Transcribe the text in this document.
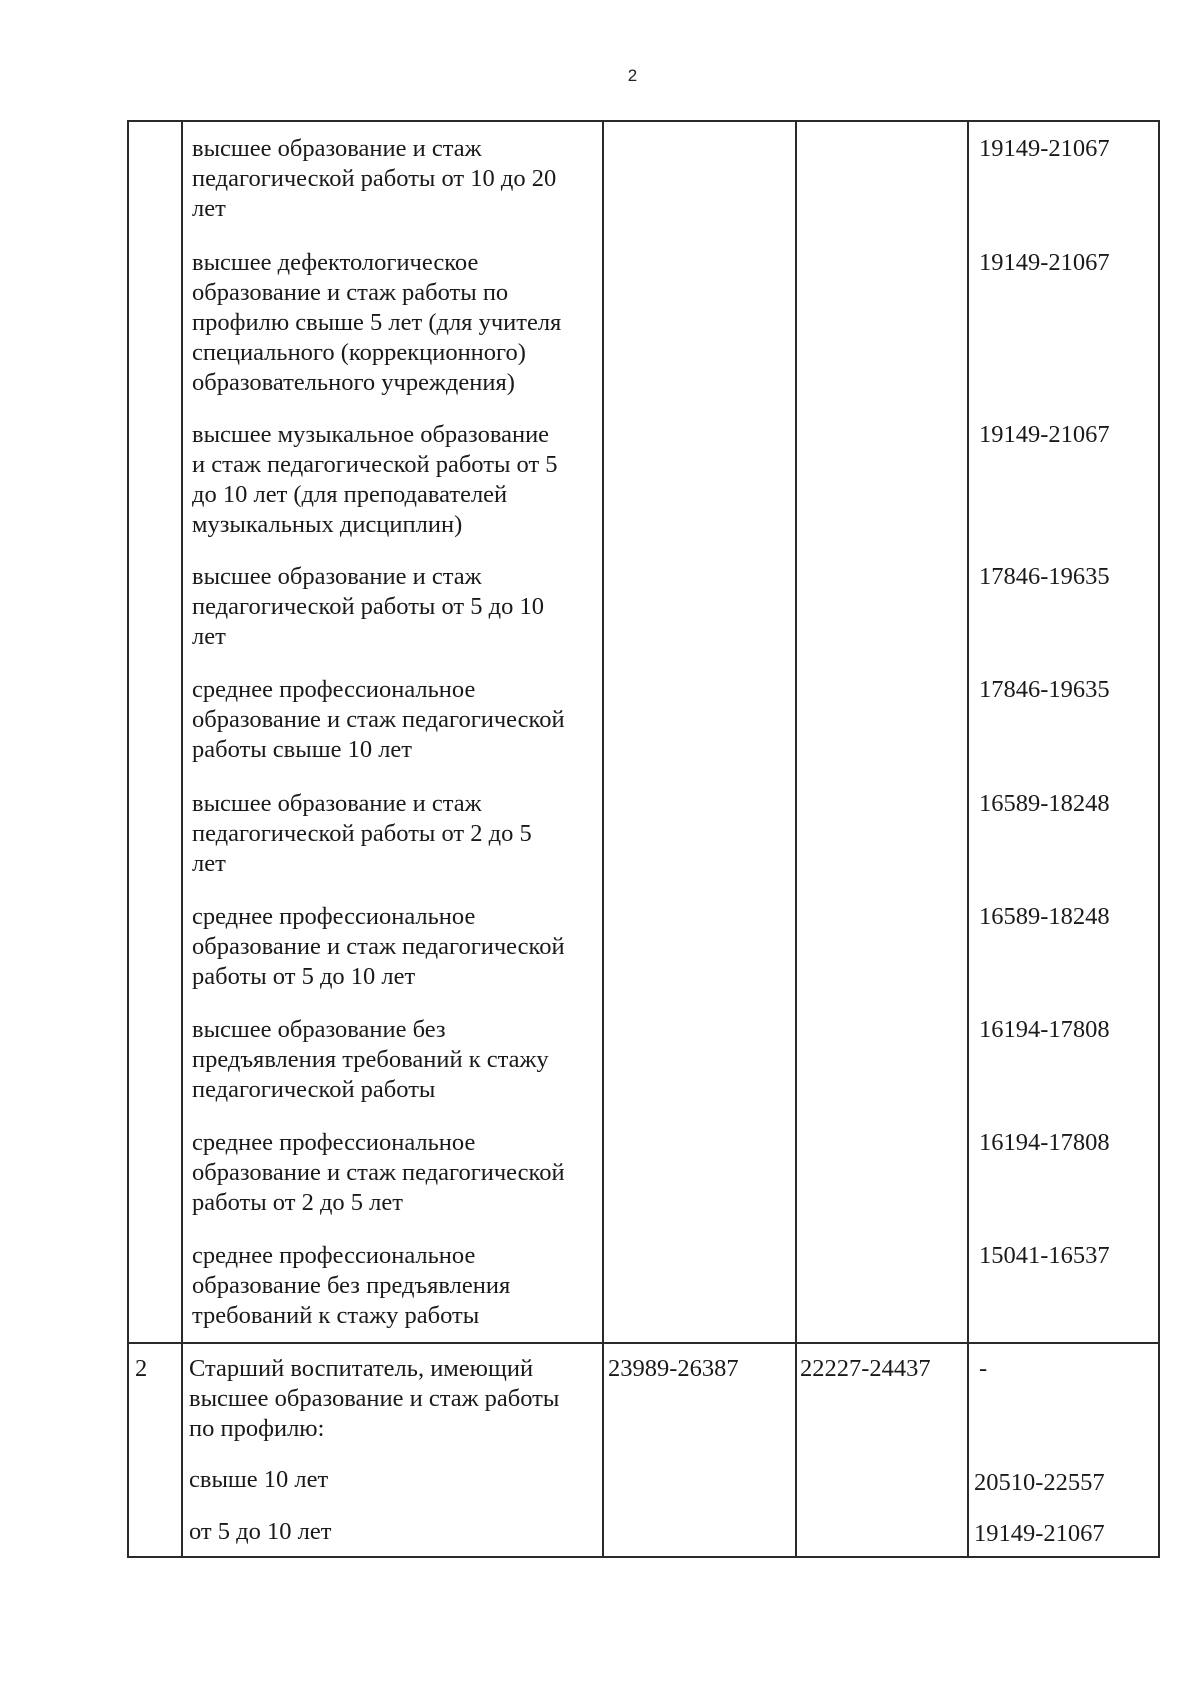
2
высшее образование и стаж
педагогической работы от 10 до 20
лет
19149-21067
высшее дефектологическое
образование и стаж работы по
профилю свыше 5 лет (для учителя
специального (коррекционного)
образовательного учреждения)
19149-21067
высшее музыкальное образование
и стаж педагогической работы от 5
до 10 лет (для преподавателей
музыкальных дисциплин)
19149-21067
высшее образование и стаж
педагогической работы от 5 до 10
лет
17846-19635
среднее профессиональное
образование и стаж педагогической
работы свыше 10 лет
17846-19635
высшее образование и стаж
педагогической работы от 2 до 5
лет
16589-18248
среднее профессиональное
образование и стаж педагогической
работы от 5 до 10 лет
16589-18248
высшее образование без
предъявления требований к стажу
педагогической работы
16194-17808
среднее профессиональное
образование и стаж педагогической
работы от 2 до 5 лет
16194-17808
среднее профессиональное
образование без предъявления
требований к стажу работы
15041-16537
2 Старший воспитатель, имеющий
высшее образование и стаж работы
по профилю:
23989-26387	22227-24437 -
свыше 10 лет	20510-22557
от 5 до 10 лет	19149-21067
